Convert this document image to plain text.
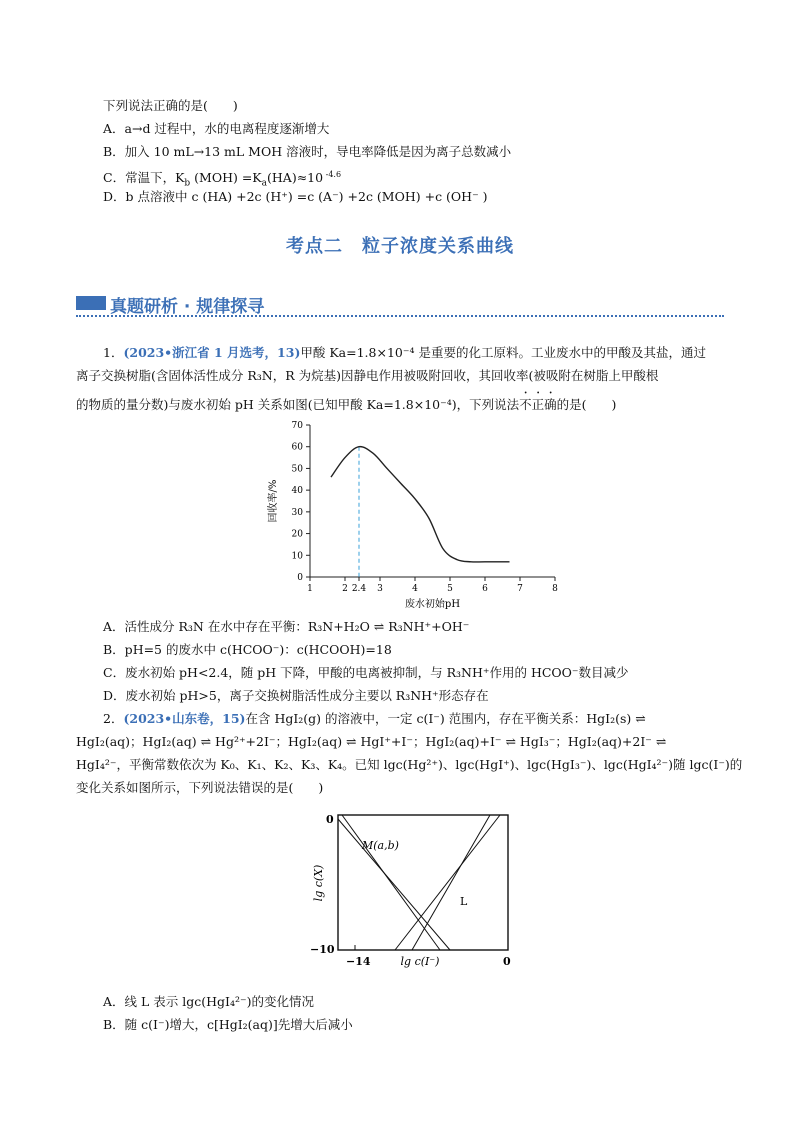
下列说法正确的是(　　)
A．a→d 过程中，水的电离程度逐渐增大
B．加入 10 mL→13 mL MOH 溶液时，导电率降低是因为离子总数减小
C．常温下，$K_b$ $(MOH) =K_a(HA)\approx 10$ $^{-4.6}$
D．b 点溶液中 c (HA) +2c (H⁺) =c (A⁻) +2c (MOH) +c (OH⁻ )
考点二　粒子浓度关系曲线
真题研析 · 规律探寻
1．(2023•浙江省 1 月选考，13)甲酸 Ka=1.8×10⁻⁴ 是重要的化工原料。工业废水中的甲酸及其盐，通过
离子交换树脂(含固体活性成分 R₃N，R 为烷基)因静电作用被吸附回收，其回收率(被吸附在树脂上甲酸根
的物质的量分数)与废水初始 pH 关系如图(已知甲酸 Ka=1.8×10⁻⁴)，下列说法不正确的是(　　)
0
10
20
30
40
50
60
70
1	2 2.4 3	4	5	6	7	8
回收率/%
废水初始pH
A．活性成分 R₃N 在水中存在平衡：R₃N+H₂O ⇌ R₃NH⁺+OH⁻
B．pH=5 的废水中 c(HCOO⁻)：c(HCOOH)=18
C．废水初始 pH<2.4，随 pH 下降，甲酸的电离被抑制，与 R₃NH⁺作用的 HCOO⁻数目减少
D．废水初始 pH>5，离子交换树脂活性成分主要以 R₃NH⁺形态存在
2．(2023•山东卷，15)在含 HgI₂(g) 的溶液中，一定 c(I⁻) 范围内，存在平衡关系：HgI₂(s) ⇌
HgI₂(aq)；HgI₂(aq) ⇌ Hg²⁺+2I⁻；HgI₂(aq) ⇌ HgI⁺+I⁻；HgI₂(aq)+I⁻ ⇌ HgI₃⁻；HgI₂(aq)+2I⁻ ⇌
HgI₄²⁻，平衡常数依次为 K₀、K₁、K₂、K₃、K₄。已知 lgc(Hg²⁺)、lgc(HgI⁺)、lgc(HgI₃⁻)、lgc(HgI₄²⁻)随 lgc(I⁻)的
变化关系如图所示，下列说法错误的是(　　)
M(a,b)
L
0
−10
−14	0
lg c(I⁻)
lg c(X)
A．线 L 表示 lgc(HgI₄²⁻)的变化情况
B．随 c(I⁻)增大，c[HgI₂(aq)]先增大后减小
